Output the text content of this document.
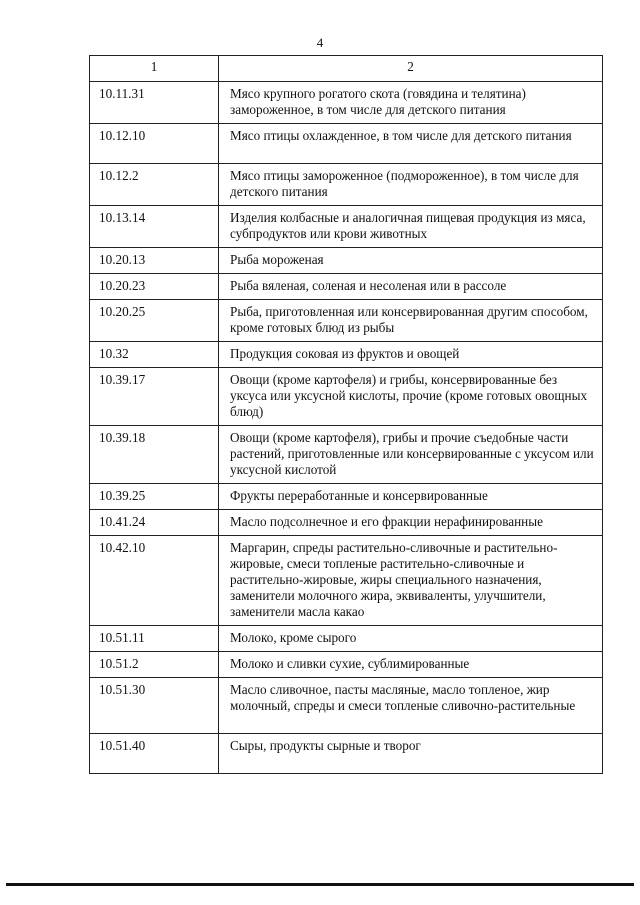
4
1	2
10.11.31	Мясо крупного рогатого скота (говядина и телятина) замороженное, в том числе для детского питания
10.12.10	Мясо птицы охлажденное, в том числе для детского питания
10.12.2	Мясо птицы замороженное (подмороженное), в том числе для детского питания
10.13.14	Изделия колбасные и аналогичная пищевая продукция из мяса, субпродуктов или крови животных
10.20.13	Рыба мороженая
10.20.23	Рыба вяленая, соленая и несоленая или в рассоле
10.20.25	Рыба, приготовленная или консервированная другим способом, кроме готовых блюд из рыбы
10.32	Продукция соковая из фруктов и овощей
10.39.17	Овощи (кроме картофеля) и грибы, консервированные без уксуса или уксусной кислоты, прочие (кроме готовых овощных блюд)
10.39.18	Овощи (кроме картофеля), грибы и прочие съедобные части растений, приготовленные или консервированные с уксусом или уксусной кислотой
10.39.25	Фрукты переработанные и консервированные
10.41.24	Масло подсолнечное и его фракции нерафинированные
10.42.10	Маргарин, спреды растительно-сливочные и растительно-жировые, смеси топленые растительно-сливочные и растительно-жировые, жиры специального назначения, заменители молочного жира, эквиваленты, улучшители, заменители масла какао
10.51.11	Молоко, кроме сырого
10.51.2	Молоко и сливки сухие, сублимированные
10.51.30	Масло сливочное, пасты масляные, масло топленое, жир молочный, спреды и смеси топленые сливочно-растительные
10.51.40	Сыры, продукты сырные и творог
